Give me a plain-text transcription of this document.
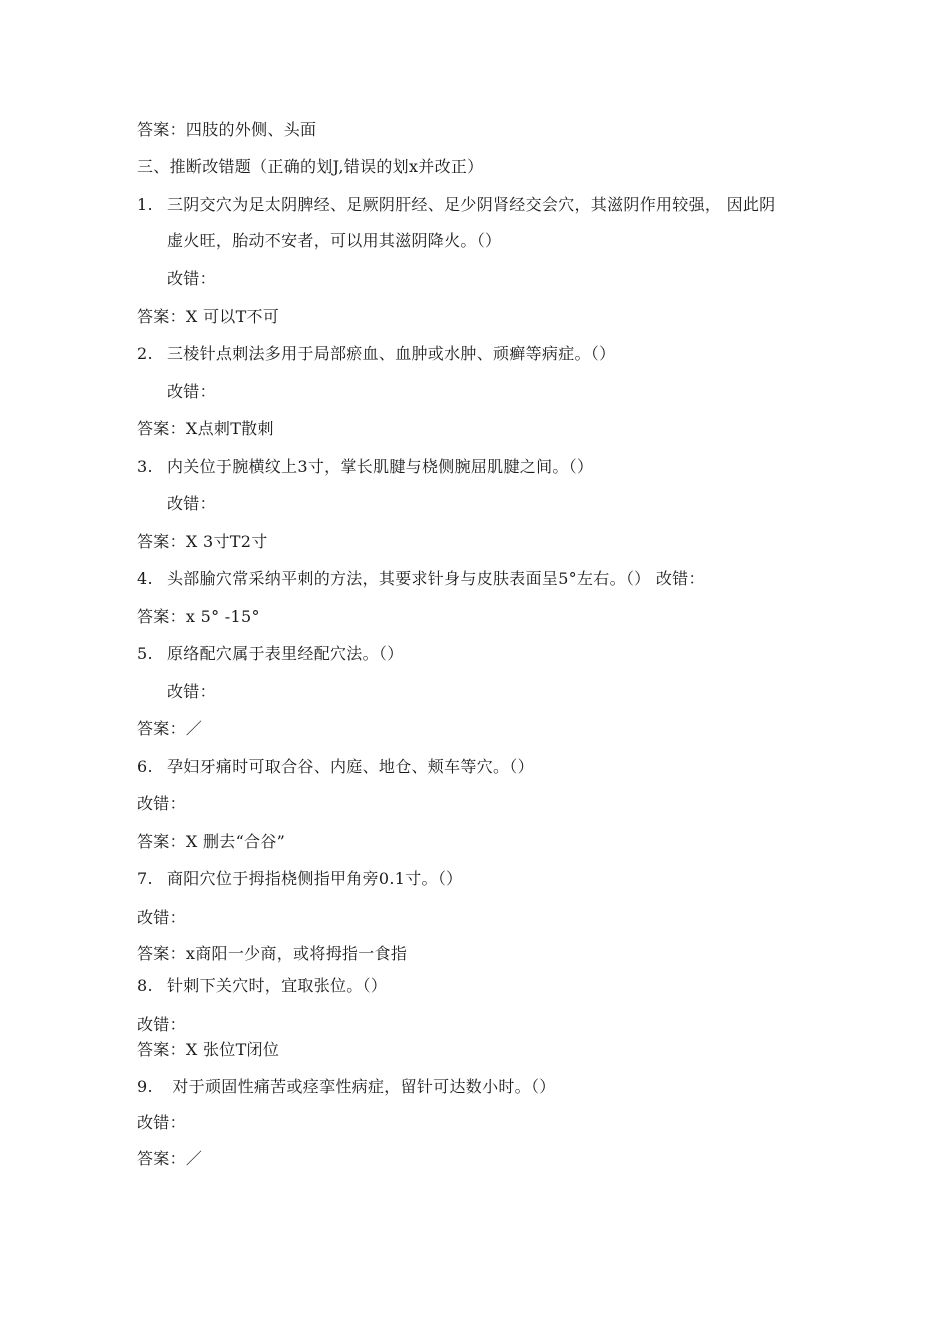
答案：四肢的外侧、头面
三、推断改错题（正确的划J,错误的划x并改正）
1. 三阴交穴为足太阴脾经、足厥阴肝经、足少阴肾经交会穴，其滋阴作用较强， 因此阴
虚火旺，胎动不安者，可以用其滋阴降火。（）
改错：
答案：X 可以T不可
2. 三棱针点刺法多用于局部瘀血、血肿或水肿、顽癣等病症。（）
改错：
答案：X点刺T散刺
3. 内关位于腕横纹上3寸，掌长肌腱与桡侧腕屈肌腱之间。（）
改错：
答案：X 3寸T2寸
4. 头部腧穴常采纳平刺的方法，其要求针身与皮肤表面呈5°左右。（） 改错：
答案：x 5° -15°
5. 原络配穴属于表里经配穴法。（）
改错：
答案：／
6. 孕妇牙痛时可取合谷、内庭、地仓、颊车等穴。（）
改错：
答案：X 删去“合谷”
7. 商阳穴位于拇指桡侧指甲角旁0.1寸。（）
改错：
答案：x商阳一少商，或将拇指一食指
8. 针刺下关穴时，宜取张位。（）
改错：
答案：X 张位T闭位
9. 对于顽固性痛苦或痉挛性病症，留针可达数小时。（）
改错：
答案：／
